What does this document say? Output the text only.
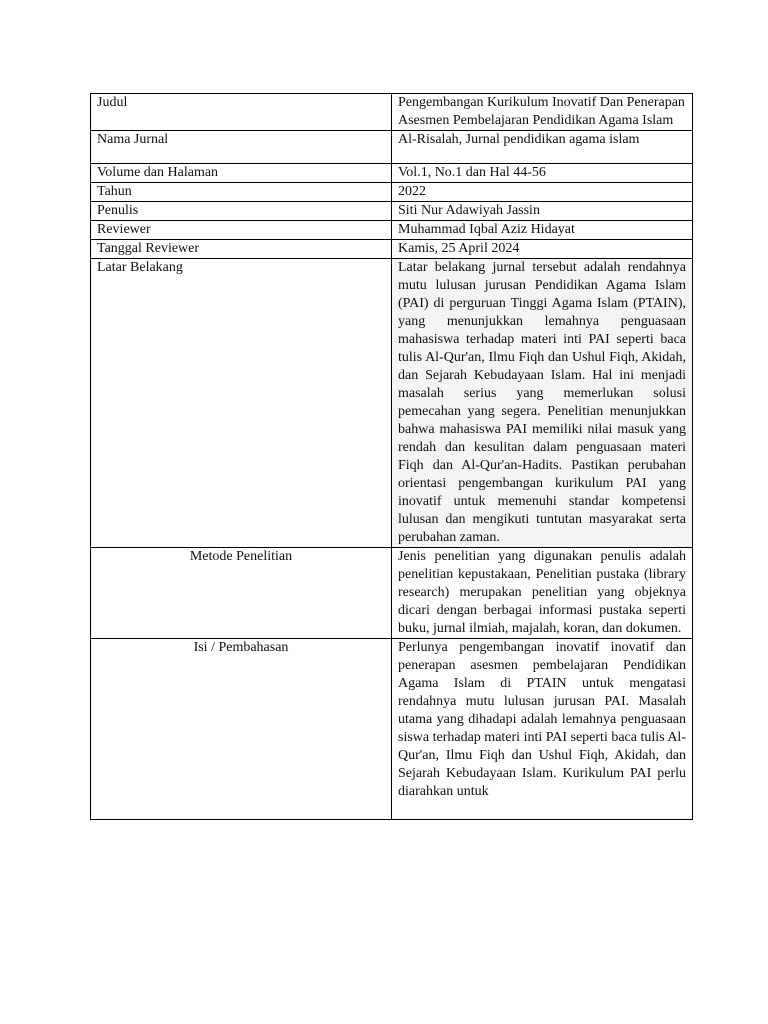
Judul	Pengembangan Kurikulum Inovatif Dan Penerapan Asesmen Pembelajaran Pendidikan Agama Islam
Nama Jurnal	Al-Risalah, Jurnal pendidikan agama islam
Volume dan Halaman	Vol.1, No.1 dan Hal 44-56
Tahun	2022
Penulis	Siti Nur Adawiyah Jassin
Reviewer	Muhammad Iqbal Aziz Hidayat
Tanggal Reviewer	Kamis, 25 April 2024
Latar Belakang	Latar belakang jurnal tersebut adalah rendahnya mutu lulusan jurusan Pendidikan Agama Islam (PAI) di perguruan Tinggi Agama Islam (PTAIN), yang menunjukkan lemahnya penguasaan mahasiswa terhadap materi inti PAI seperti baca tulis Al-Qur'an, Ilmu Fiqh dan Ushul Fiqh, Akidah, dan Sejarah Kebudayaan Islam. Hal ini menjadi masalah serius yang memerlukan solusi pemecahan yang segera. Penelitian menunjukkan bahwa mahasiswa PAI memiliki nilai masuk yang rendah dan kesulitan dalam penguasaan materi Fiqh dan Al-Qur'an-Hadits. Pastikan perubahan orientasi pengembangan kurikulum PAI yang inovatif untuk memenuhi standar kompetensi lulusan dan mengikuti tuntutan masyarakat serta perubahan zaman.
Metode Penelitian	Jenis penelitian yang digunakan penulis adalah penelitian kepustakaan, Penelitian pustaka (library research) merupakan penelitian yang objeknya dicari dengan berbagai informasi pustaka seperti buku, jurnal ilmiah, majalah, koran, dan dokumen.
Isi / Pembahasan	Perlunya pengembangan inovatif inovatif dan penerapan asesmen pembelajaran Pendidikan Agama Islam di PTAIN untuk mengatasi rendahnya mutu lulusan jurusan PAI. Masalah utama yang dihadapi adalah lemahnya penguasaan siswa terhadap materi inti PAI seperti baca tulis Al-Qur'an, Ilmu Fiqh dan Ushul Fiqh, Akidah, dan Sejarah Kebudayaan Islam. Kurikulum PAI perlu diarahkan untuk
